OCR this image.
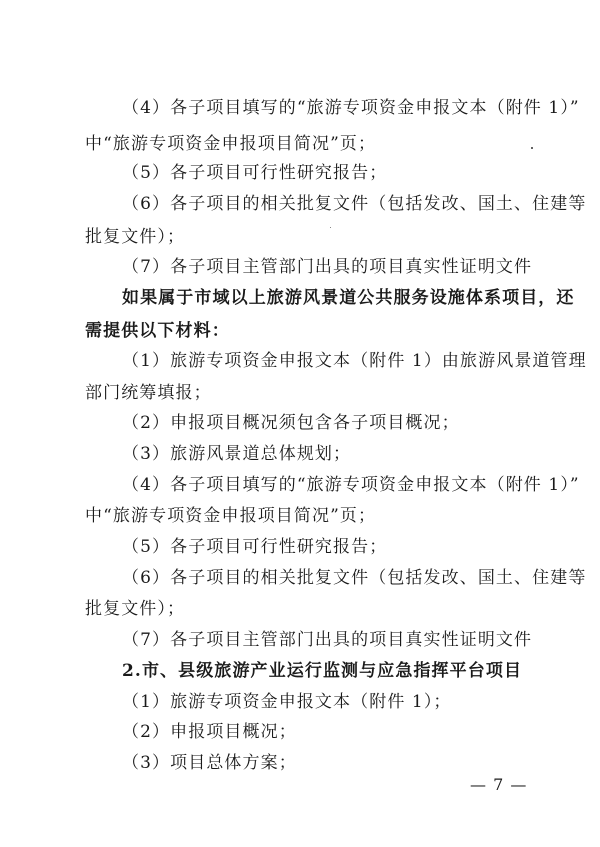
（4）各子项目填写的“旅游专项资金申报文本（附件 1）”
中“旅游专项资金申报项目简况”页；
（5）各子项目可行性研究报告；
（6）各子项目的相关批复文件（包括发改、国土、住建等
批复文件）；
（7）各子项目主管部门出具的项目真实性证明文件
如果属于市域以上旅游风景道公共服务设施体系项目，还
需提供以下材料：
（1）旅游专项资金申报文本（附件 1）由旅游风景道管理
部门统筹填报；
（2）申报项目概况须包含各子项目概况；
（3）旅游风景道总体规划；
（4）各子项目填写的“旅游专项资金申报文本（附件 1）”
中“旅游专项资金申报项目简况”页；
（5）各子项目可行性研究报告；
（6）各子项目的相关批复文件（包括发改、国土、住建等
批复文件）；
（7）各子项目主管部门出具的项目真实性证明文件
2.市、县级旅游产业运行监测与应急指挥平台项目
（1）旅游专项资金申报文本（附件 1）；
（2）申报项目概况；
（3）项目总体方案；
— 7 —
